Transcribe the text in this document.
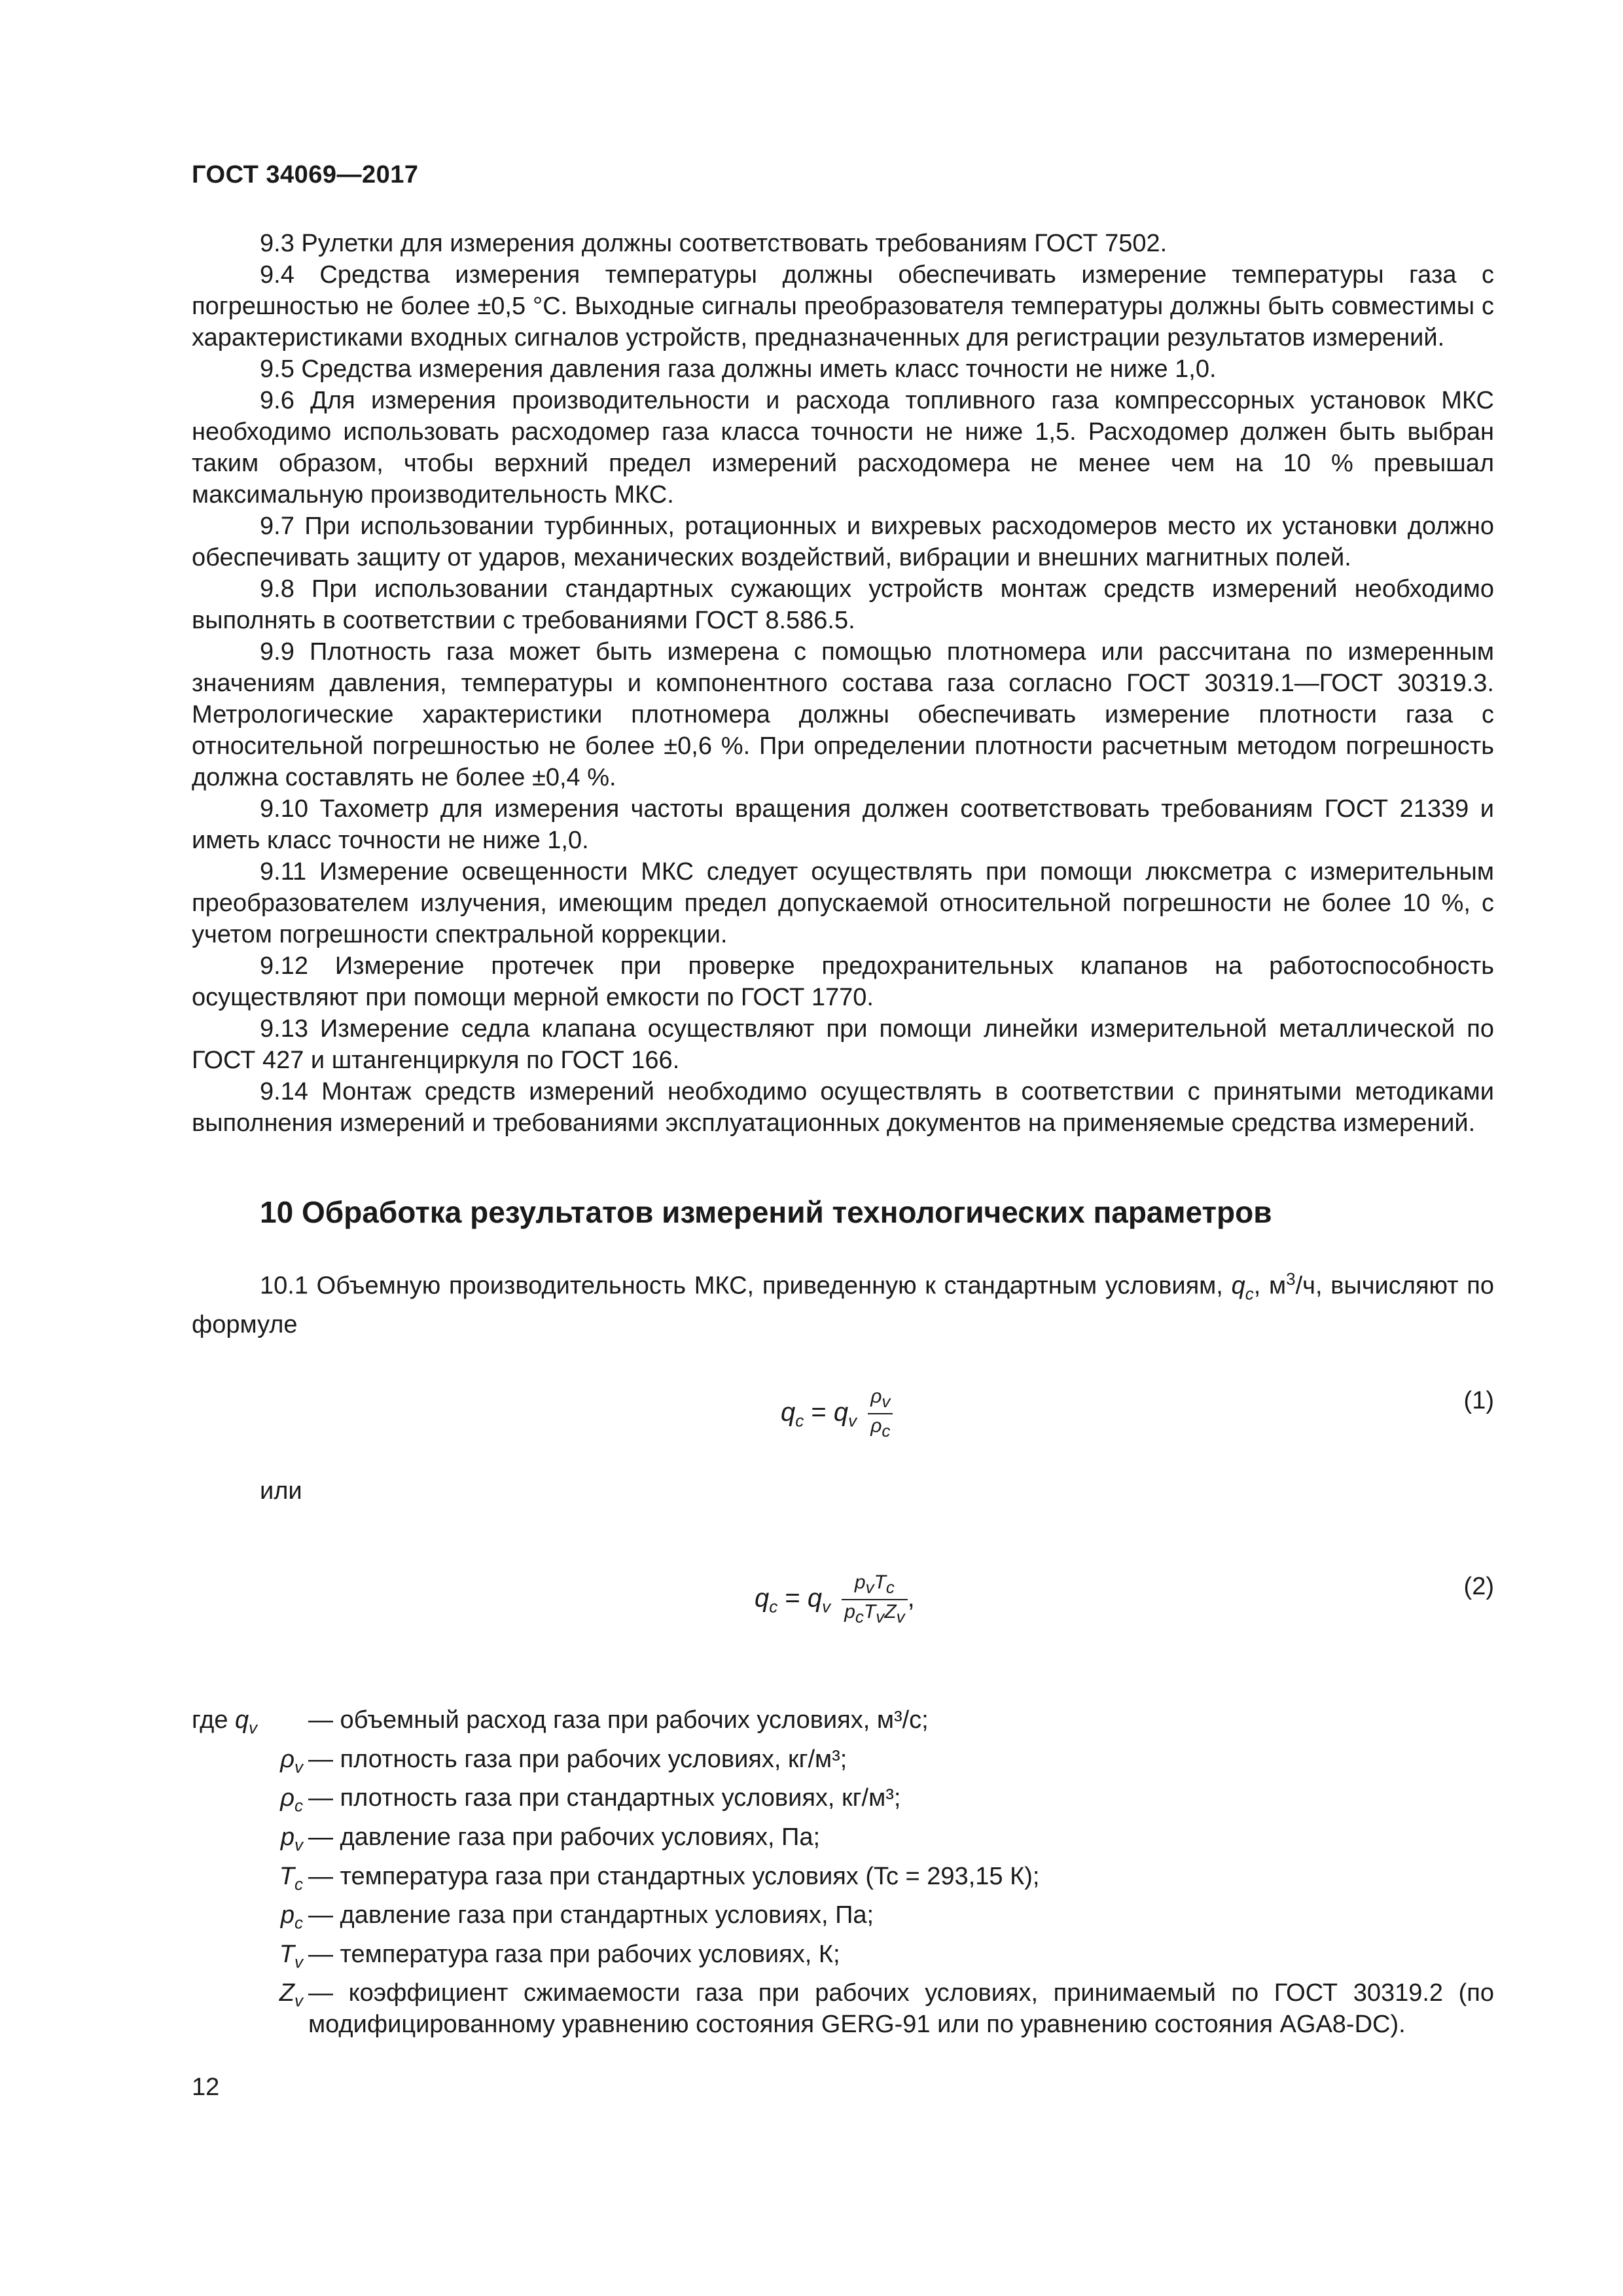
ГОСТ 34069—2017

9.3 Рулетки для измерения должны соответствовать требованиям ГОСТ 7502.

9.4 Средства измерения температуры должны обеспечивать измерение температуры газа с погрешностью не более ±0,5 °С. Выходные сигналы преобразователя температуры должны быть совместимы с характеристиками входных сигналов устройств, предназначенных для регистрации результатов измерений.

9.5 Средства измерения давления газа должны иметь класс точности не ниже 1,0.

9.6 Для измерения производительности и расхода топливного газа компрессорных установок МКС необходимо использовать расходомер газа класса точности не ниже 1,5. Расходомер должен быть выбран таким образом, чтобы верхний предел измерений расходомера не менее чем на 10 % превышал максимальную производительность МКС.

9.7 При использовании турбинных, ротационных и вихревых расходомеров место их установки должно обеспечивать защиту от ударов, механических воздействий, вибрации и внешних магнитных полей.

9.8 При использовании стандартных сужающих устройств монтаж средств измерений необходимо выполнять в соответствии с требованиями ГОСТ 8.586.5.

9.9 Плотность газа может быть измерена с помощью плотномера или рассчитана по измеренным значениям давления, температуры и компонентного состава газа согласно ГОСТ 30319.1—ГОСТ 30319.3. Метрологические характеристики плотномера должны обеспечивать измерение плотности газа с относительной погрешностью не более ±0,6 %. При определении плотности расчетным методом погрешность должна составлять не более ±0,4 %.

9.10 Тахометр для измерения частоты вращения должен соответствовать требованиям ГОСТ 21339 и иметь класс точности не ниже 1,0.

9.11 Измерение освещенности МКС следует осуществлять при помощи люксметра с измерительным преобразователем излучения, имеющим предел допускаемой относительной погрешности не более 10 %, с учетом погрешности спектральной коррекции.

9.12 Измерение протечек при проверке предохранительных клапанов на работоспособность осуществляют при помощи мерной емкости по ГОСТ 1770.

9.13 Измерение седла клапана осуществляют при помощи линейки измерительной металлической по ГОСТ 427 и штангенциркуля по ГОСТ 166.

9.14 Монтаж средств измерений необходимо осуществлять в соответствии с принятыми методиками выполнения измерений и требованиями эксплуатационных документов на применяемые средства измерений.

10 Обработка результатов измерений технологических параметров

10.1 Объемную производительность МКС, приведенную к стандартным условиям, $q_c$, $м^3/ч$, вычисляют по формуле

$q_c = q_v \frac{\rho_v}{\rho_c}$	(1)
или
$q_c = q_v \frac{p_vT_c}{p_cT_vZ_v}$ ,	(2)
где $q_v$	— объемный расход газа при рабочих условиях, м³/с;
$\rho_v$ — плотность газа при рабочих условиях, кг/м³;
$\rho_c$ — плотность газа при стандартных условиях, кг/м³;
$p_v$ — давление газа при рабочих условиях, Па;
$T_c$ — температура газа при стандартных условиях (Tc = 293,15 К);
$p_c$ — давление газа при стандартных условиях, Па;
$T_v$ — температура газа при рабочих условиях, К;
$Z_v$ — коэффициент сжимаемости газа при рабочих условиях, принимаемый по ГОСТ 30319.2 (по модифицированному уравнению состояния GERG-91 или по уравнению состояния AGA8-DC).
12
